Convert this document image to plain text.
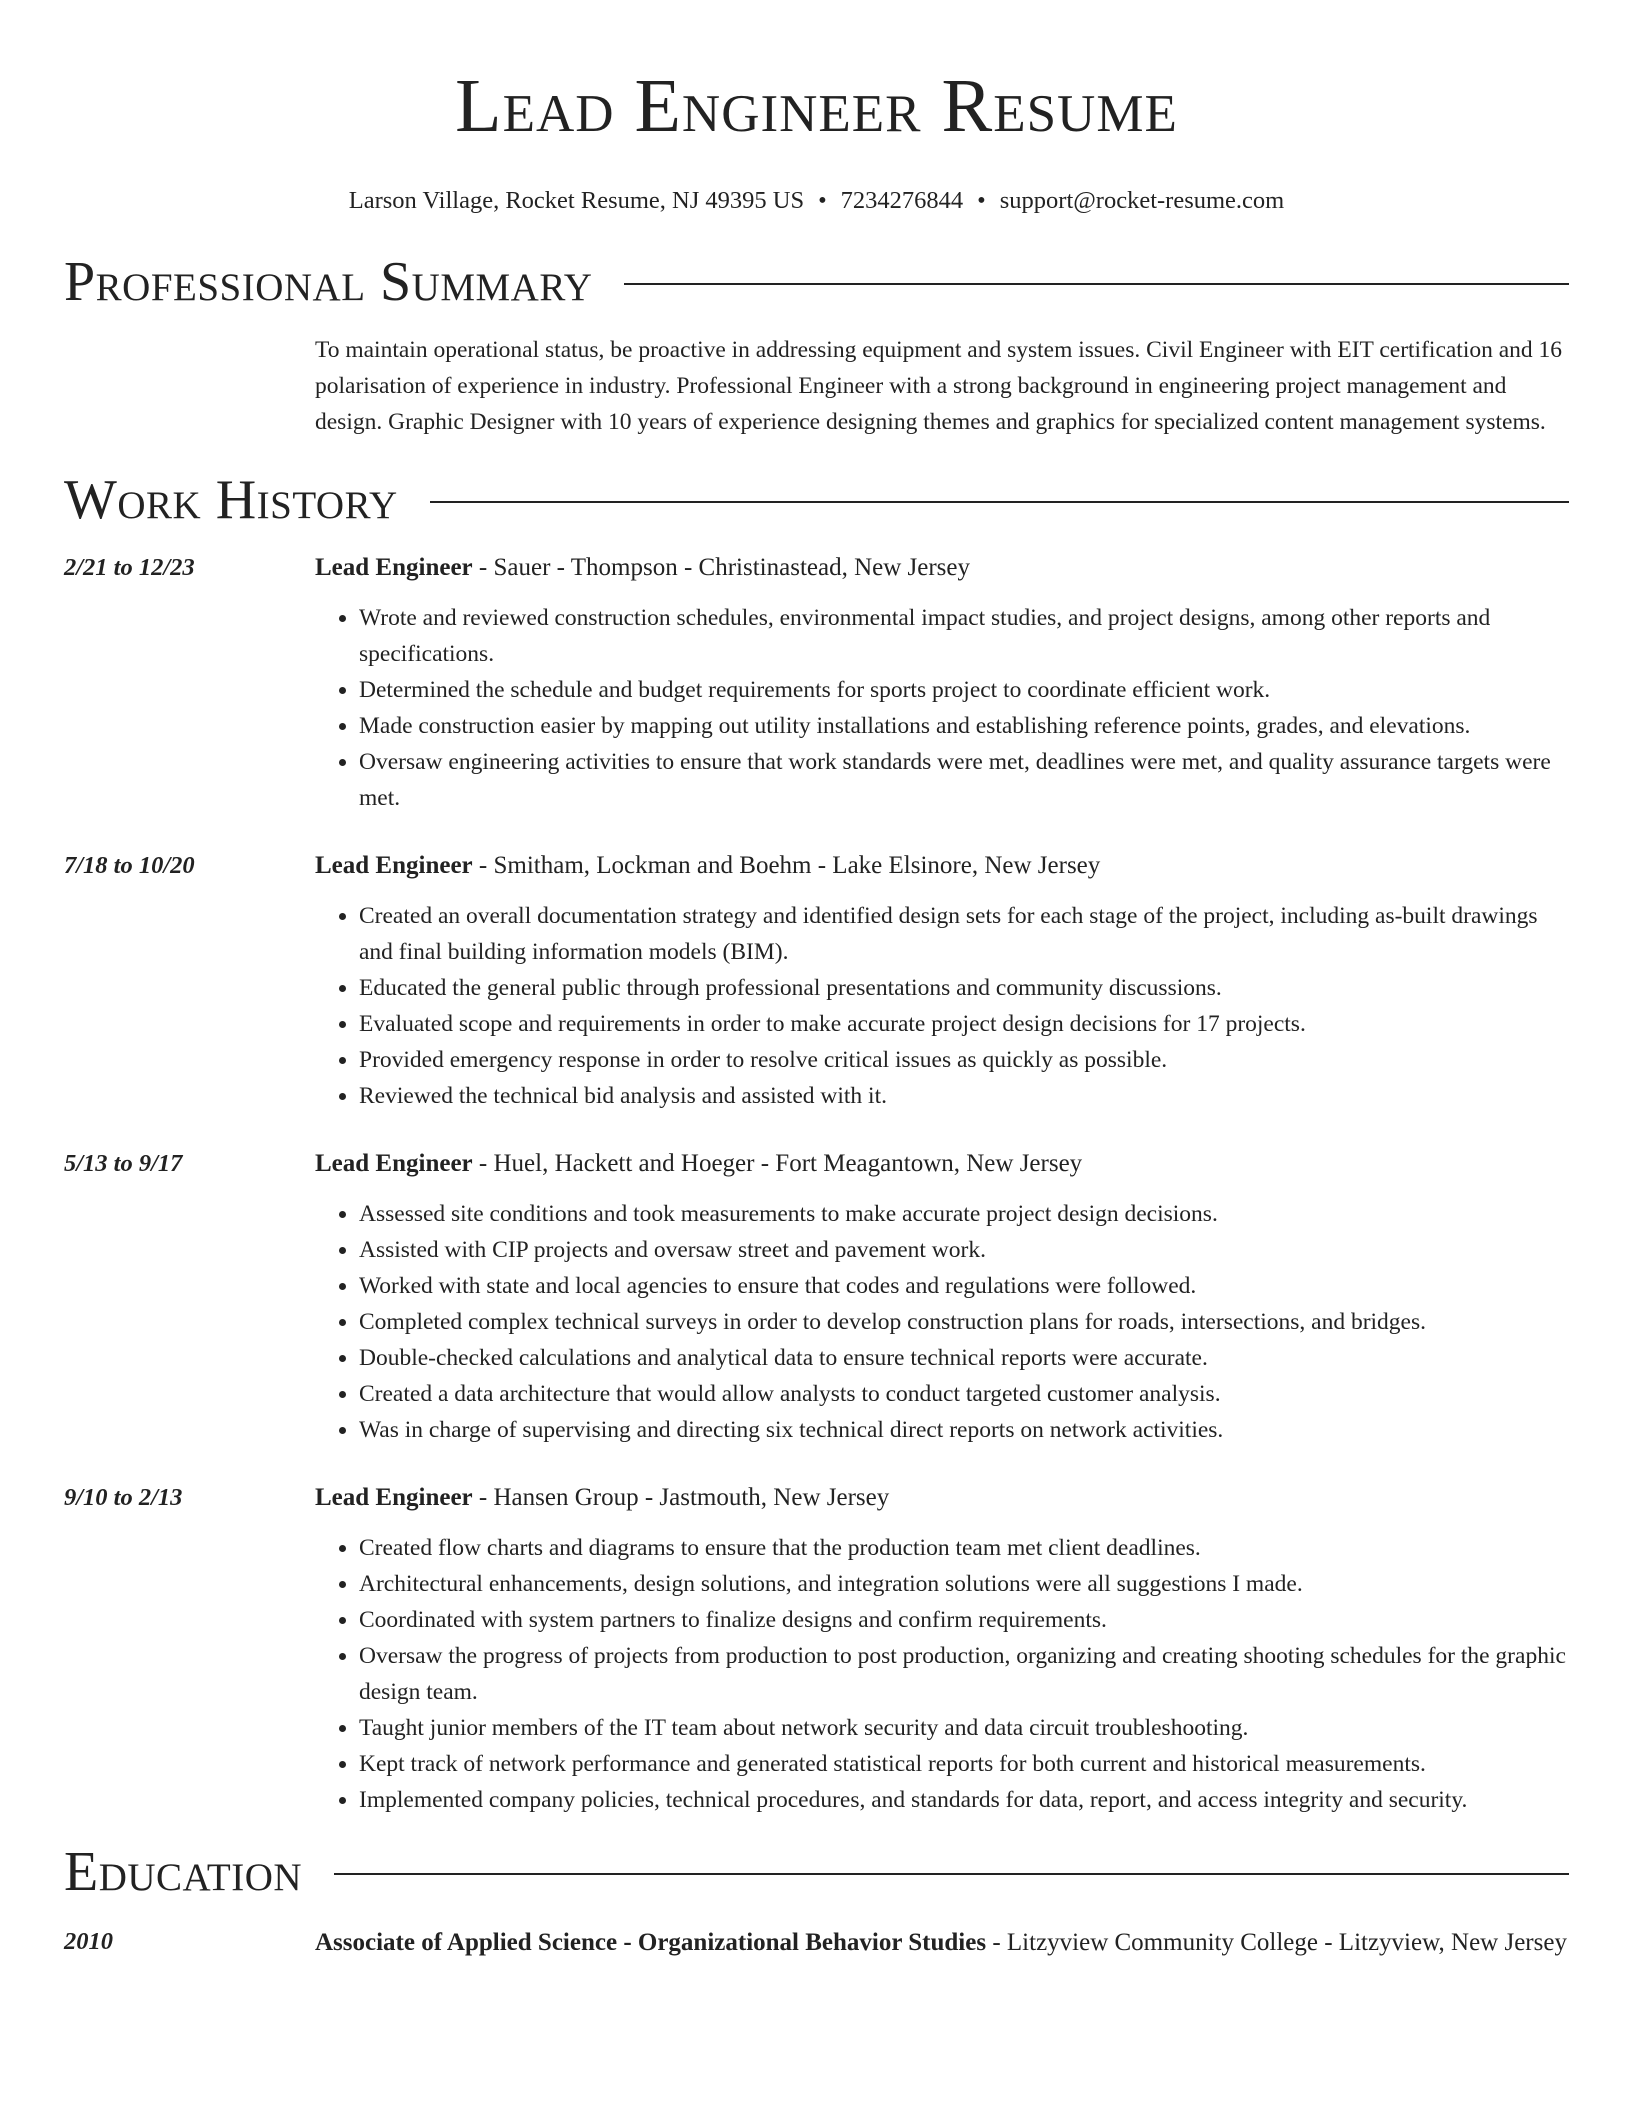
Lead Engineer Resume
Larson Village, Rocket Resume, NJ 49395 US • 7234276844 • support@rocket-resume.com
Professional Summary
To maintain operational status, be proactive in addressing equipment and system issues. Civil Engineer with EIT certification and 16 polarisation of experience in industry. Professional Engineer with a strong background in engineering project management and design. Graphic Designer with 10 years of experience designing themes and graphics for specialized content management systems.
Work History
2/21 to 12/23	Lead Engineer - Sauer - Thompson - Christinastead, New Jersey
• Wrote and reviewed construction schedules, environmental impact studies, and project designs, among other reports and specifications.
• Determined the schedule and budget requirements for sports project to coordinate efficient work.
• Made construction easier by mapping out utility installations and establishing reference points, grades, and elevations.
• Oversaw engineering activities to ensure that work standards were met, deadlines were met, and quality assurance targets were met.
7/18 to 10/20	Lead Engineer - Smitham, Lockman and Boehm - Lake Elsinore, New Jersey
• Created an overall documentation strategy and identified design sets for each stage of the project, including as-built drawings and final building information models (BIM).
• Educated the general public through professional presentations and community discussions.
• Evaluated scope and requirements in order to make accurate project design decisions for 17 projects.
• Provided emergency response in order to resolve critical issues as quickly as possible.
• Reviewed the technical bid analysis and assisted with it.
5/13 to 9/17	Lead Engineer - Huel, Hackett and Hoeger - Fort Meagantown, New Jersey
• Assessed site conditions and took measurements to make accurate project design decisions.
• Assisted with CIP projects and oversaw street and pavement work.
• Worked with state and local agencies to ensure that codes and regulations were followed.
• Completed complex technical surveys in order to develop construction plans for roads, intersections, and bridges.
• Double-checked calculations and analytical data to ensure technical reports were accurate.
• Created a data architecture that would allow analysts to conduct targeted customer analysis.
• Was in charge of supervising and directing six technical direct reports on network activities.
9/10 to 2/13	Lead Engineer - Hansen Group - Jastmouth, New Jersey
• Created flow charts and diagrams to ensure that the production team met client deadlines.
• Architectural enhancements, design solutions, and integration solutions were all suggestions I made.
• Coordinated with system partners to finalize designs and confirm requirements.
• Oversaw the progress of projects from production to post production, organizing and creating shooting schedules for the graphic design team.
• Taught junior members of the IT team about network security and data circuit troubleshooting.
• Kept track of network performance and generated statistical reports for both current and historical measurements.
• Implemented company policies, technical procedures, and standards for data, report, and access integrity and security.
Education
2010	Associate of Applied Science - Organizational Behavior Studies - Litzyview Community College - Litzyview, New Jersey
